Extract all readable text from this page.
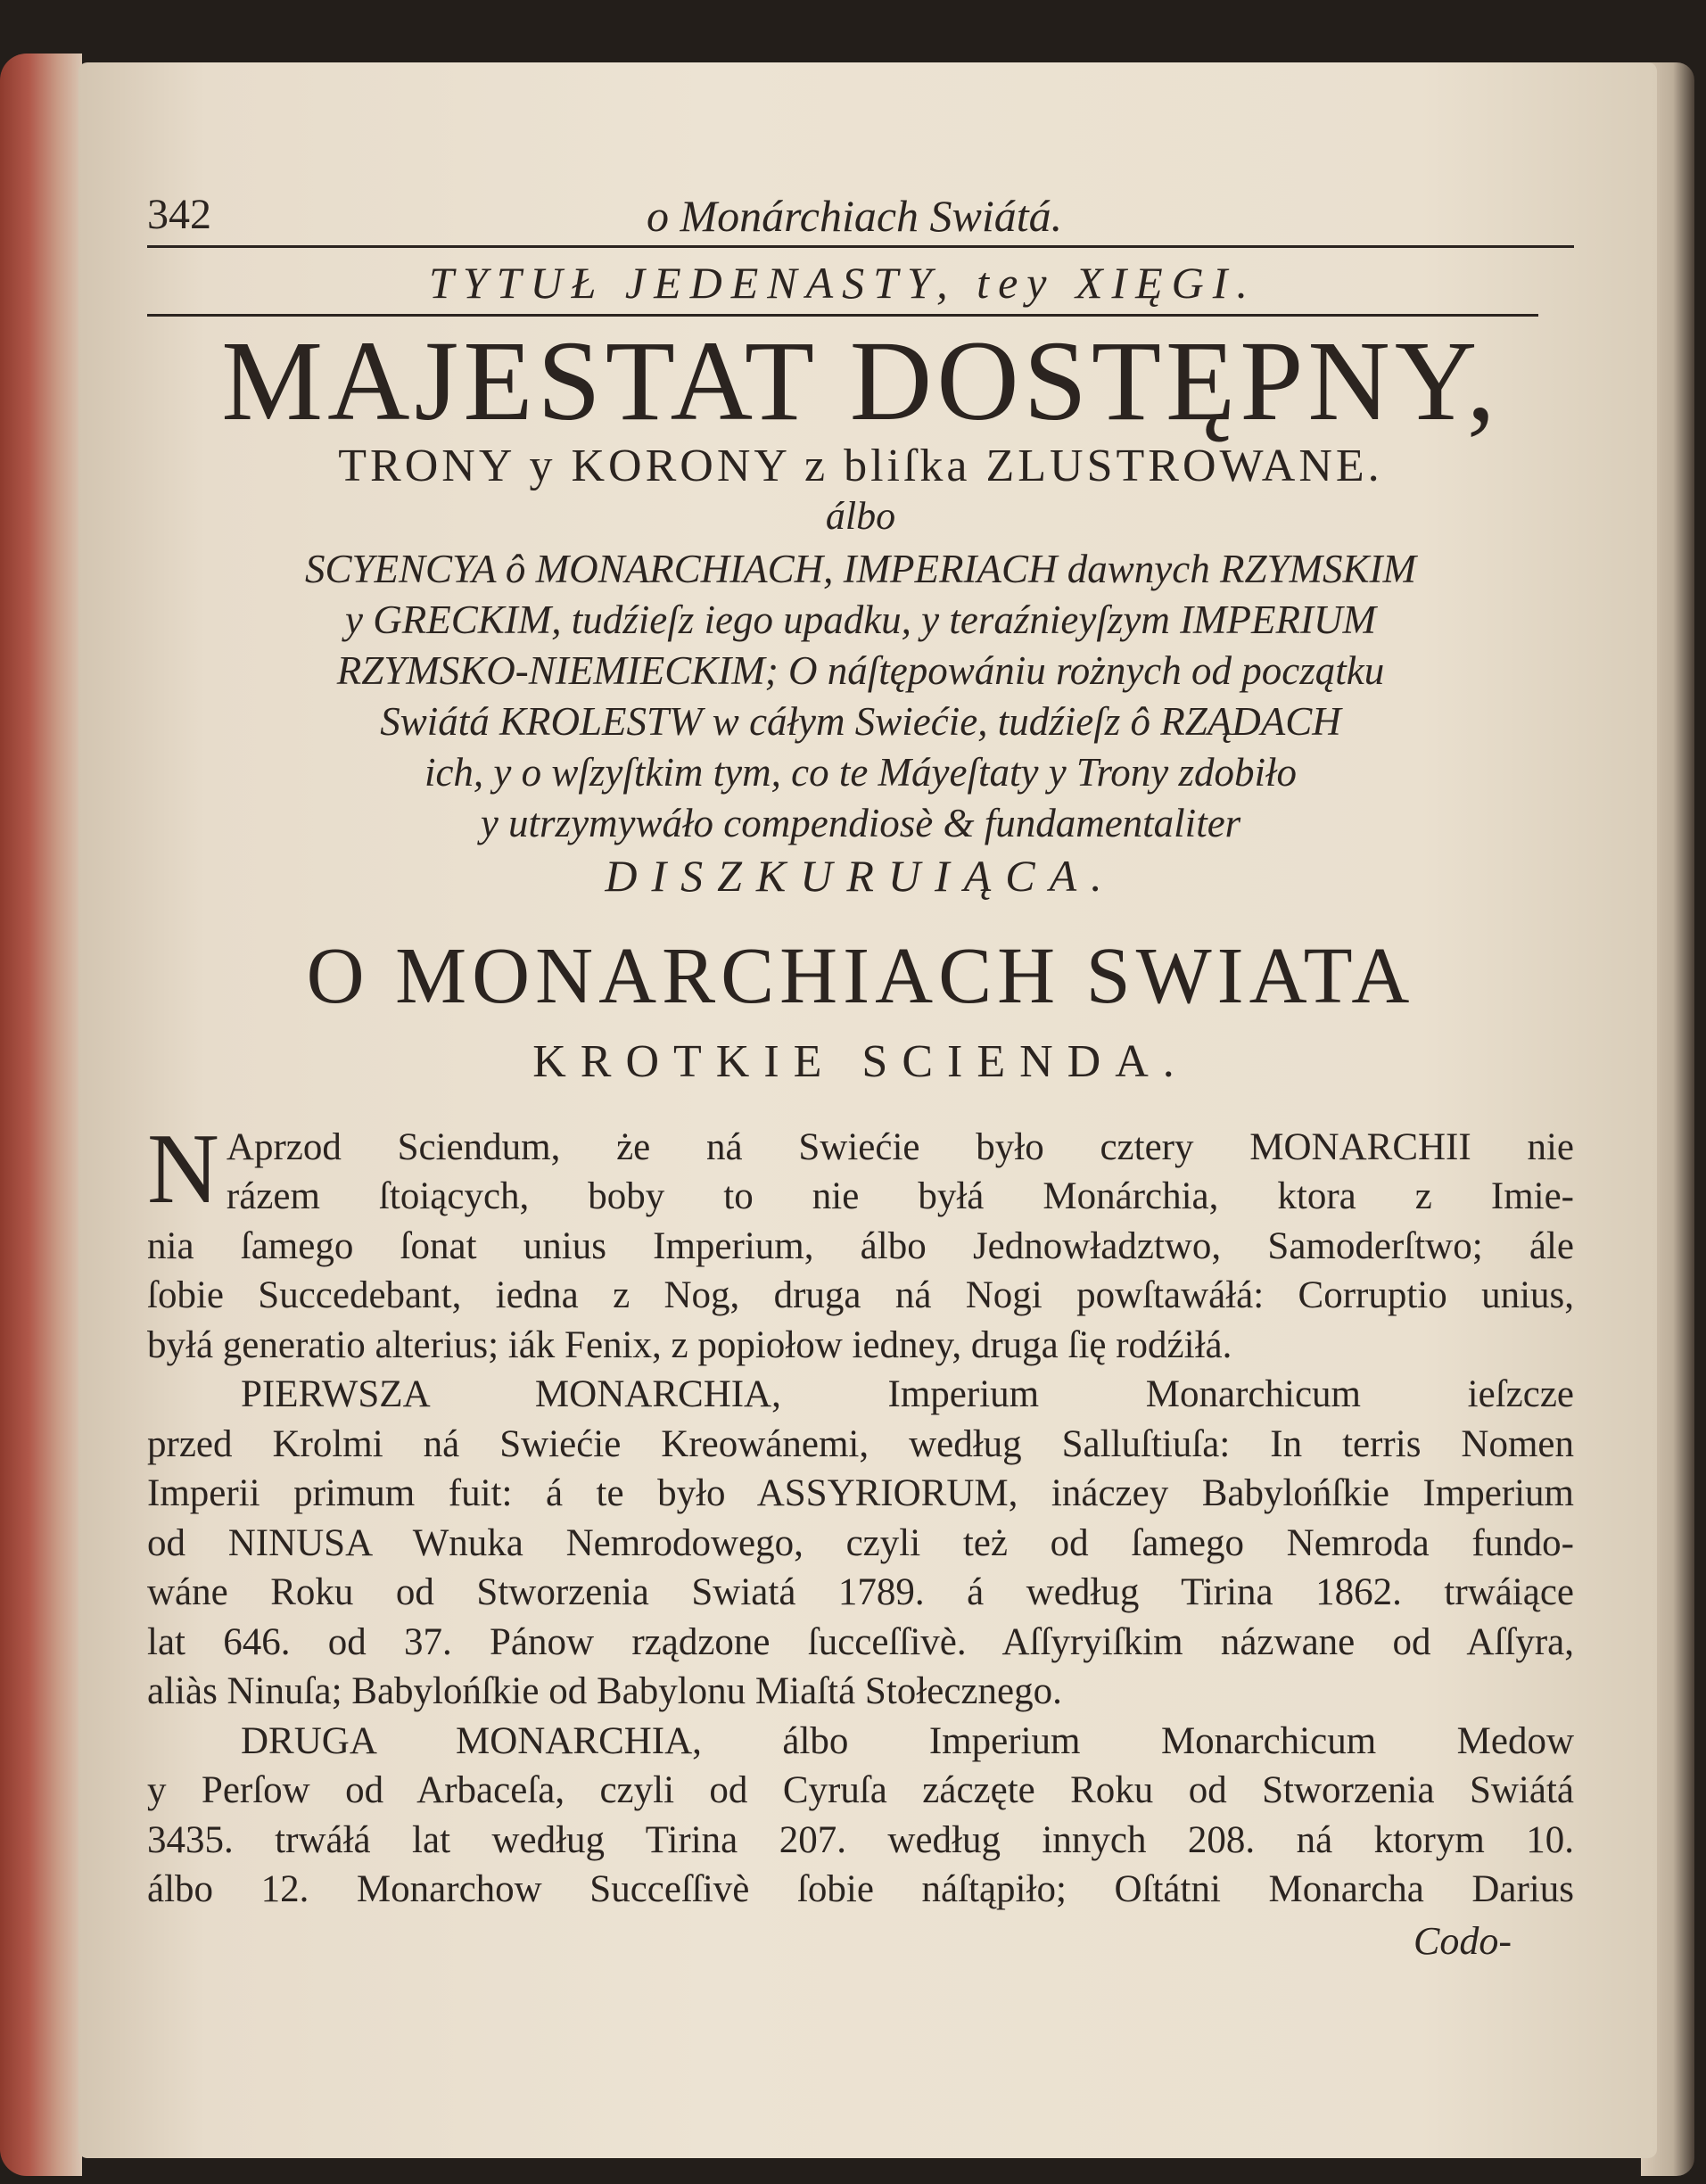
342	o Monárchiach Swiátá.
TYTUŁ JEDENASTY, tey XIĘGI.
MAJESTAT DOSTĘPNY,
TRONY y KORONY z bliſka ZLUSTROWANE.
álbo
SCYENCYA ô MONARCHIACH, IMPERIACH dawnych RZYMSKIM
y GRECKIM, tudźieſz iego upadku, y teraźnieyſzym IMPERIUM
RZYMSKO-NIEMIECKIM; O náſtępowániu rożnych od początku
Swiátá KROLESTW w cáłym Swiećie, tudźieſz ô RZĄDACH
ich, y o wſzyſtkim tym, co te Máyeſtaty y Trony zdobiło
y utrzymywáło compendiosè & fundamentaliter
DISZKURUIĄCA.
O MONARCHIACH SWIATA
KROTKIE SCIENDA.
N Aprzod Sciendum, że ná Swiećie było cztery MONARCHII nie
rázem ſtoiących, boby to nie byłá Monárchia, ktora z Imie-
nia ſamego ſonat unius Imperium, álbo Jednowładztwo, Samoderſtwo; ále
ſobie Succedebant, iedna z Nog, druga ná Nogi powſtawáłá: Corruptio unius,
byłá generatio alterius; iák Fenix, z popiołow iedney, druga ſię rodźiłá.
PIERWSZA MONARCHIA, Imperium Monarchicum ieſzcze
przed Krolmi ná Swiećie Kreowánemi, według Salluſtiuſa: In terris Nomen
Imperii primum fuit: á te było ASSYRIORUM, ináczey Babylońſkie Imperium
od NINUSA Wnuka Nemrodowego, czyli też od ſamego Nemroda fundo-
wáne Roku od Stworzenia Swiatá 1789. á według Tirina 1862. trwáiące
lat 646. od 37. Pánow rządzone ſucceſſivè. Aſſyryiſkim názwane od Aſſyra,
aliàs Ninuſa; Babylońſkie od Babylonu Miaſtá Stołecznego.
DRUGA MONARCHIA, álbo Imperium Monarchicum Medow
y Perſow od Arbaceſa, czyli od Cyruſa záczęte Roku od Stworzenia Swiátá
3435. trwáłá lat według Tirina 207. według innych 208. ná ktorym 10.
álbo 12. Monarchow Succeſſivè ſobie náſtąpiło; Oſtátni Monarcha Darius
Codo-
